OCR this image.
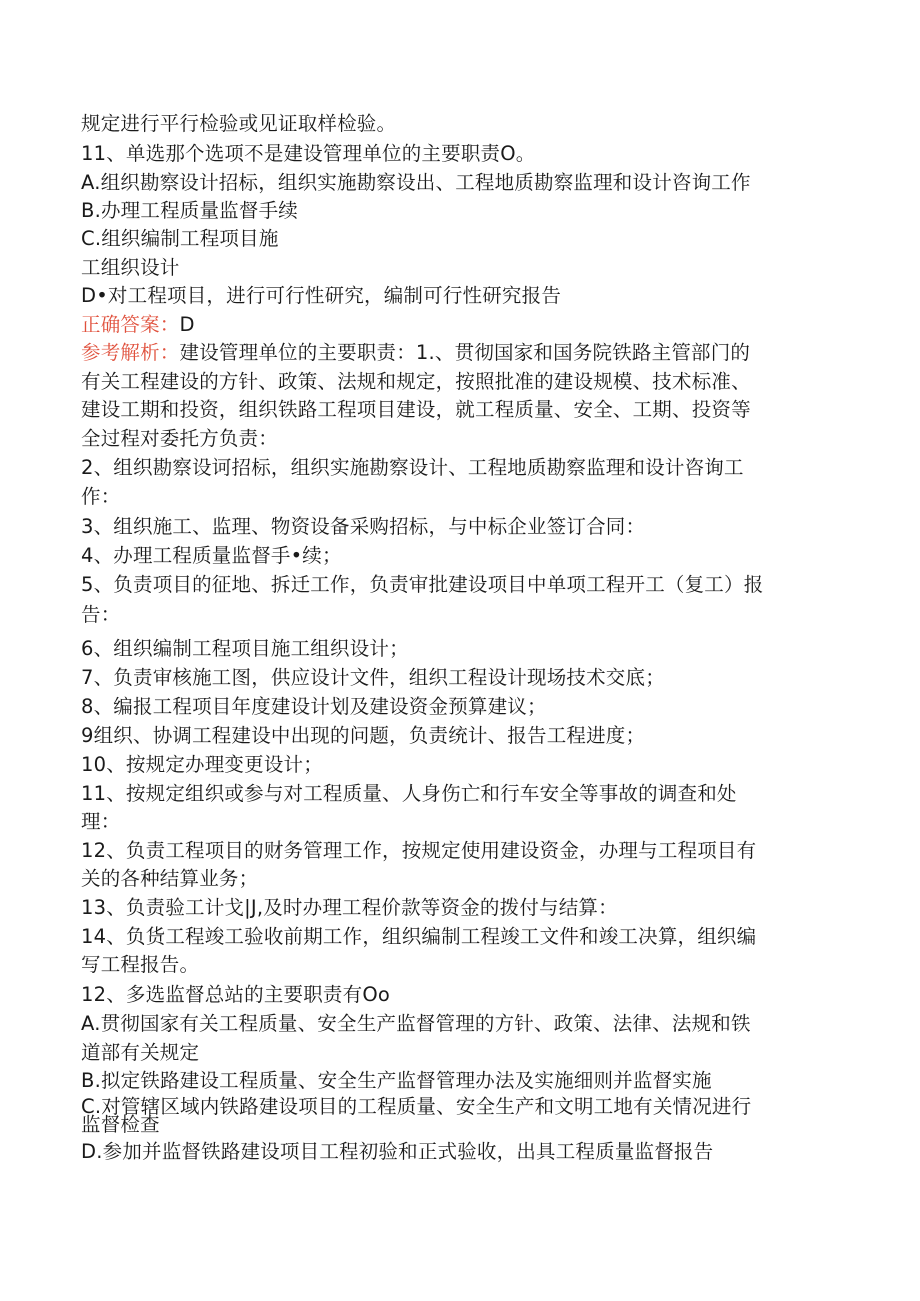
规定进行平行检验或见证取样检验。
11、单选那个选项不是建设管理单位的主要职责O。
A.组织勘察设计招标，组织实施勘察设出、工程地质勘察监理和设计咨询工作
B.办理工程质量监督手续
C.组织编制工程项目施
工组织设计
D•对工程项目，进行可行性研究，编制可行性研究报告
正确答案：D
参考解析：建设管理单位的主要职责：1.、贯彻国家和国务院铁路主管部门的
有关工程建设的方针、政策、法规和规定，按照批准的建设规模、技术标准、
建设工期和投资，组织铁路工程项目建设，就工程质量、安全、工期、投资等
全过程对委托方负责：
2、组织勘察设诃招标，组织实施勘察设计、工程地质勘察监理和设计咨询工
作：
3、组织施工、监理、物资设备采购招标，与中标企业签订合同：
4、办理工程质量监督手•续；
5、负责项目的征地、拆迁工作，负责审批建设项目中单项工程开工（复工）报
告：
6、组织编制工程项目施工组织设计；
7、负责审核施工图，供应设计文件，组织工程设计现场技术交底；
8、编报工程项目年度建设计划及建设资金预算建议；
9组织、协调工程建设中出现的问题，负责统计、报告工程进度；
10、按规定办理变更设计；
11、按规定组织或参与对工程质量、人身伤亡和行车安全等事故的调查和处
理：
12、负责工程项目的财务管理工作，按规定使用建设资金，办理与工程项目有
关的各种结算业务；
13、负责验工计戈|J,及时办理工程价款等资金的拨付与结算：
14、负货工程竣工验收前期工作，组织编制工程竣工文件和竣工决算，组织编
写工程报告。
12、多选监督总站的主要职责有Oo
A.贯彻国家有关工程质量、安全生产监督管理的方针、政策、法律、法规和铁
道部有关规定
B.拟定铁路建设工程质量、安全生产监督管理办法及实施细则并监督实施
C.对管辖区域内铁路建设项目的工程质量、安全生产和文明工地有关情况进行
监督检查
D.参加并监督铁路建设项目工程初验和正式验收，出具工程质量监督报告
